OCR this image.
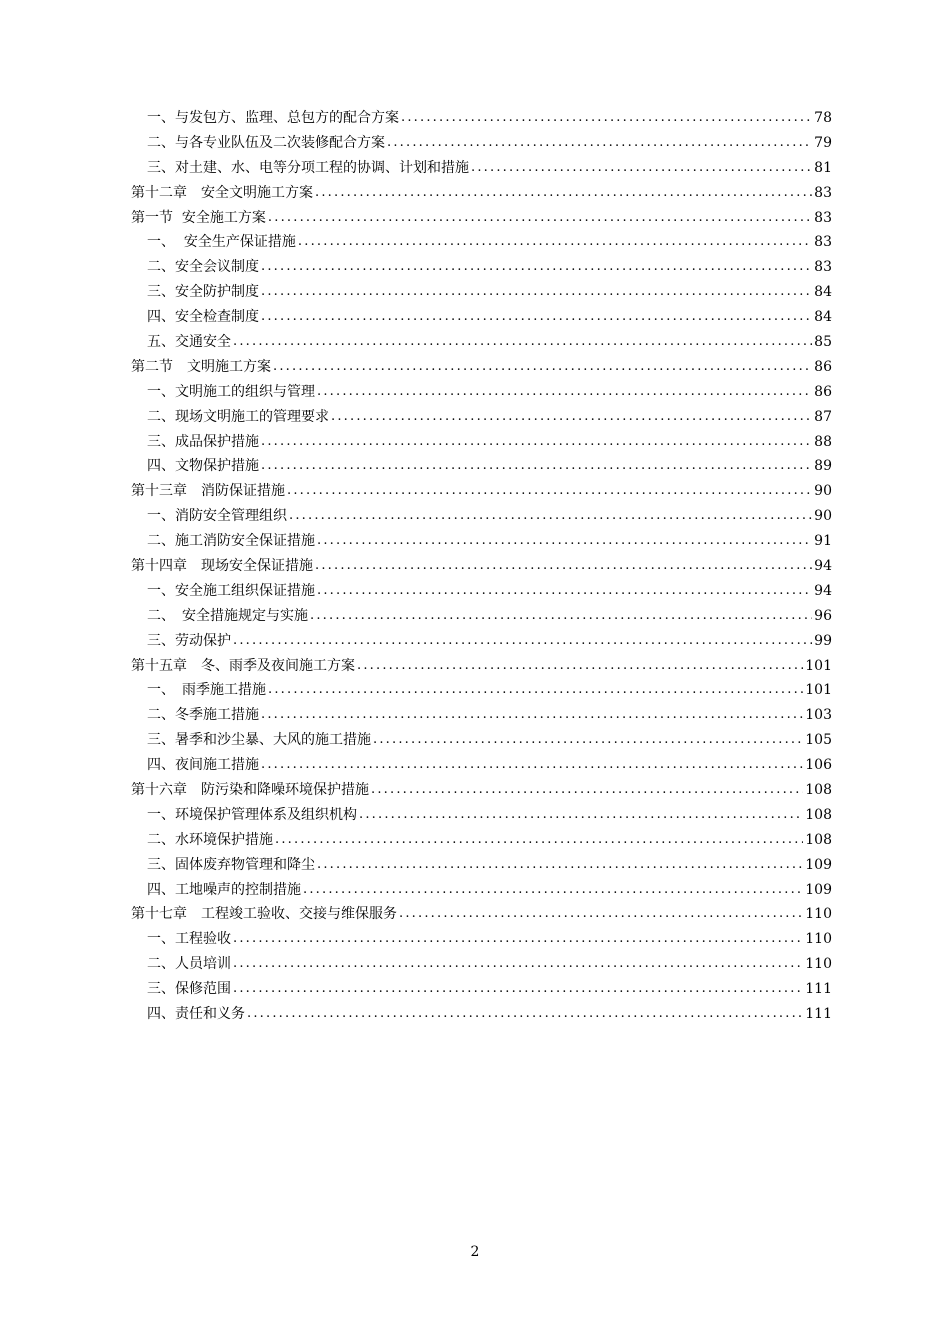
一、与发包方、监理、总包方的配合方案 .....	78
二、与各专业队伍及二次装修配合方案 .....	79
三、对土建、水、电等分项工程的协调、计划和措施 .....	81
第十二章　安全文明施工方案 .....	83
第一节  安全施工方案 .....	83
一、  安全生产保证措施 .....	83
二、安全会议制度 .....	83
三、安全防护制度 .....	84
四、安全检查制度 .....	84
五、交通安全 .....	85
第二节　文明施工方案 .....	86
一、文明施工的组织与管理 .....	86
二、现场文明施工的管理要求 .....	87
三、成品保护措施 .....	88
四、文物保护措施 .....	89
第十三章　消防保证措施 .....	90
一、消防安全管理组织 .....	90
二、施工消防安全保证措施 .....	91
第十四章　现场安全保证措施 .....	94
一、安全施工组织保证措施 .....	94
二、　安全措施规定与实施 .....	96
三、劳动保护 .....	99
第十五章　冬、雨季及夜间施工方案 .....	101
一、　雨季施工措施 .....	101
二、冬季施工措施 .....	103
三、暑季和沙尘暴、大风的施工措施 .....	105
四、夜间施工措施 .....	106
第十六章　防污染和降噪环境保护措施 .....	108
一、环境保护管理体系及组织机构 .....	108
二、水环境保护措施 .....	108
三、固体废弃物管理和降尘 .....	109
四、工地噪声的控制措施 .....	109
第十七章　工程竣工验收、交接与维保服务 .....	110
一、工程验收 .....	110
二、人员培训 .....	110
三、保修范围 .....	111
四、责任和义务 .....	111
2
